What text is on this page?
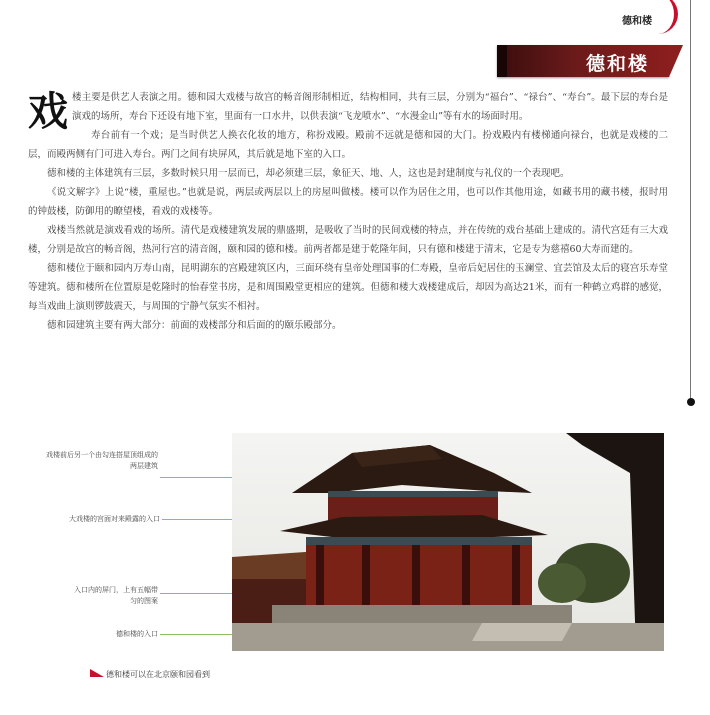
德和楼
德和楼

戏楼主要是供艺人表演之用。德和园大戏楼与故宫的畅音阁形制相近，结构相同，共有三层，分别为“福台”、“禄台”、“寿台”。最下层的寿台是演戏的场所，寿台下还设有地下室，里面有一口水井，以供表演“飞龙喷水”、“水漫金山”等有水的场面时用。

寿台前有一个戏；是当时供艺人换衣化妆的地方，称扮戏殿。殿前不远就是德和园的大门。扮戏殿内有楼梯通向禄台，也就是戏楼的二层，而殿两侧有门可进入寿台。两门之间有块屏风，其后就是地下室的入口。

德和楼的主体建筑有三层，多数时候只用一层而已，却必须建三层，象征天、地、人，这也是封建制度与礼仪的一个表现吧。

《说文解字》上说“楼，重屋也。”也就是说，两层或两层以上的房屋叫做楼。楼可以作为居住之用，也可以作其他用途，如藏书用的藏书楼，报时用的钟鼓楼，防御用的瞭望楼，看戏的戏楼等。

戏楼当然就是演戏看戏的场所。清代是戏楼建筑发展的鼎盛期，是吸收了当时的民间戏楼的特点，并在传统的戏台基础上建成的。清代宫廷有三大戏楼，分别是故宫的畅音阁，热河行宫的清音阁，颐和园的德和楼。前两者都是建于乾隆年间，只有德和楼建于清末，它是专为慈禧60大寿而建的。

德和楼位于颐和园内万寿山南，昆明湖东的宫殿建筑区内，三面环绕有皇帝处理国事的仁寿殿，皇帝后妃居住的玉澜堂、宜芸馆及太后的寝宫乐寿堂等建筑。德和楼所在位置原是乾隆时的怡春堂书房，是和周围殿堂更相应的建筑。但德和楼大戏楼建成后，却因为高达21米，而有一种鹤立鸡群的感觉，每当戏曲上演则锣鼓震天，与周围的宁静气氛实不相衬。

德和园建筑主要有两大部分：前面的戏楼部分和后面的的颐乐殿部分。

戏楼前后另一个由勾连搭屋顶组成的两层建筑
大戏楼的宫面对来殿露的入口
入口内的屏门，上有五幅带匀的图案
德和楼的入口
德和楼可以在北京颐和园看到
